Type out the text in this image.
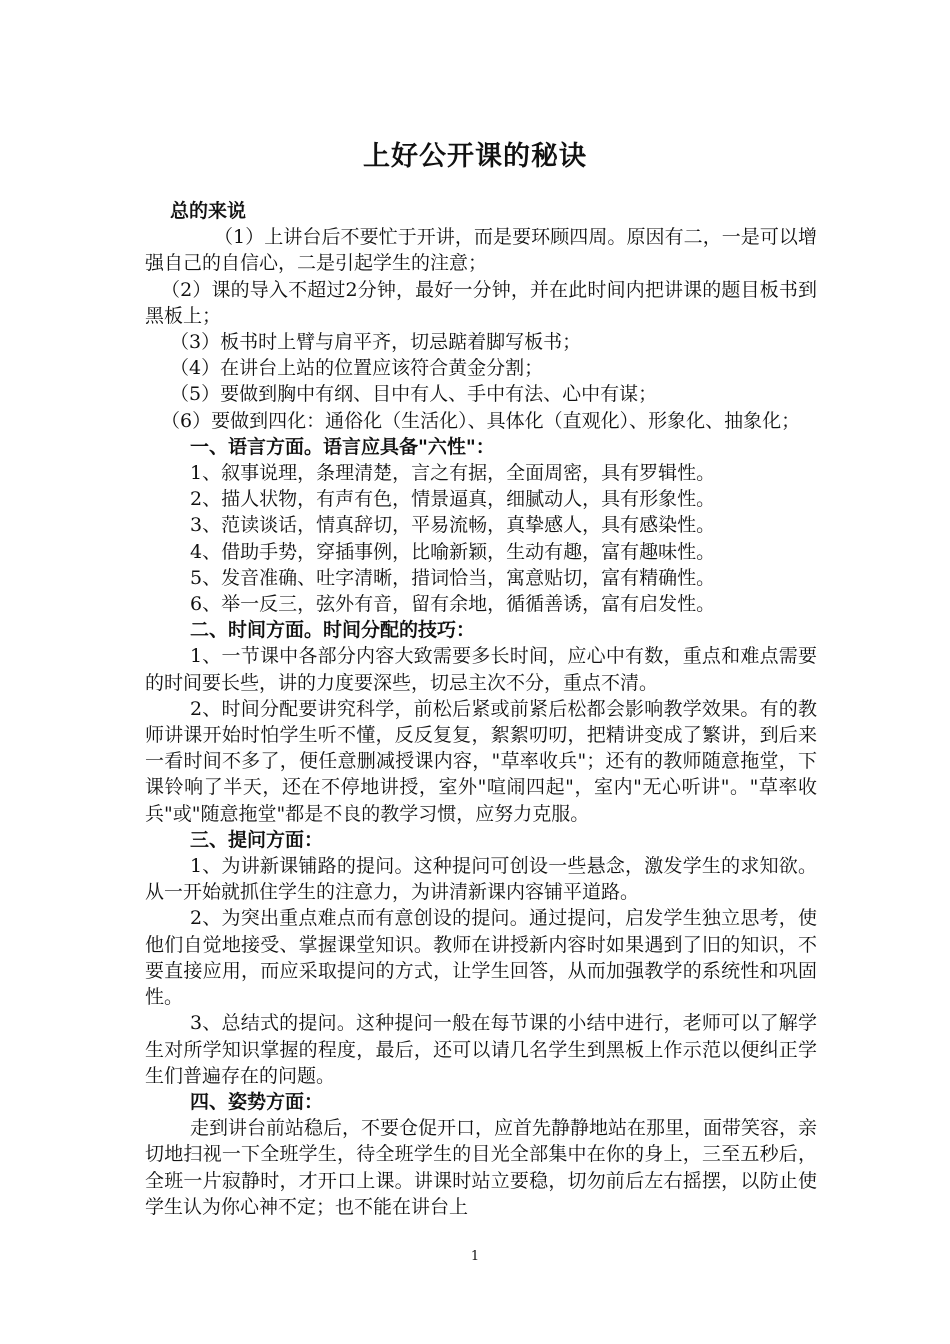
上好公开课的秘诀

总的来说

（1）上讲台后不要忙于开讲，而是要环顾四周。原因有二，一是可以增强自己的自信心，二是引起学生的注意；

（2）课的导入不超过2分钟，最好一分钟，并在此时间内把讲课的题目板书到黑板上；

（3）板书时上臂与肩平齐，切忌踮着脚写板书；

（4）在讲台上站的位置应该符合黄金分割；

（5）要做到胸中有纲、目中有人、手中有法、心中有谋；

（6）要做到四化：通俗化（生活化）、具体化（直观化）、形象化、抽象化；

一、语言方面。语言应具备"六性"：

1、叙事说理，条理清楚，言之有据，全面周密，具有罗辑性。

2、描人状物，有声有色，情景逼真，细腻动人，具有形象性。

3、范读谈话，情真辞切，平易流畅，真挚感人，具有感染性。

4、借助手势，穿插事例，比喻新颖，生动有趣，富有趣味性。

5、发音准确、吐字清晰，措词恰当，寓意贴切，富有精确性。

6、举一反三，弦外有音，留有余地，循循善诱，富有启发性。

二、时间方面。时间分配的技巧：

1、一节课中各部分内容大致需要多长时间，应心中有数，重点和难点需要的时间要长些，讲的力度要深些，切忌主次不分，重点不清。

2、时间分配要讲究科学，前松后紧或前紧后松都会影响教学效果。有的教师讲课开始时怕学生听不懂，反反复复，絮絮叨叨，把精讲变成了繁讲，到后来一看时间不多了，便任意删减授课内容，"草率收兵"；还有的教师随意拖堂，下课铃响了半天，还在不停地讲授，室外"喧闹四起"，室内"无心听讲"。"草率收兵"或"随意拖堂"都是不良的教学习惯，应努力克服。

三、提问方面：

1、为讲新课铺路的提问。这种提问可创设一些悬念，激发学生的求知欲。从一开始就抓住学生的注意力，为讲清新课内容铺平道路。

2、为突出重点难点而有意创设的提问。通过提问，启发学生独立思考，使他们自觉地接受、掌握课堂知识。教师在讲授新内容时如果遇到了旧的知识，不要直接应用，而应采取提问的方式，让学生回答，从而加强教学的系统性和巩固性。

3、总结式的提问。这种提问一般在每节课的小结中进行，老师可以了解学生对所学知识掌握的程度，最后，还可以请几名学生到黑板上作示范以便纠正学生们普遍存在的问题。

四、姿势方面：

走到讲台前站稳后，不要仓促开口，应首先静静地站在那里，面带笑容，亲切地扫视一下全班学生，待全班学生的目光全部集中在你的身上，三至五秒后，全班一片寂静时，才开口上课。讲课时站立要稳，切勿前后左右摇摆，以防止使学生认为你心神不定；也不能在讲台上

1
